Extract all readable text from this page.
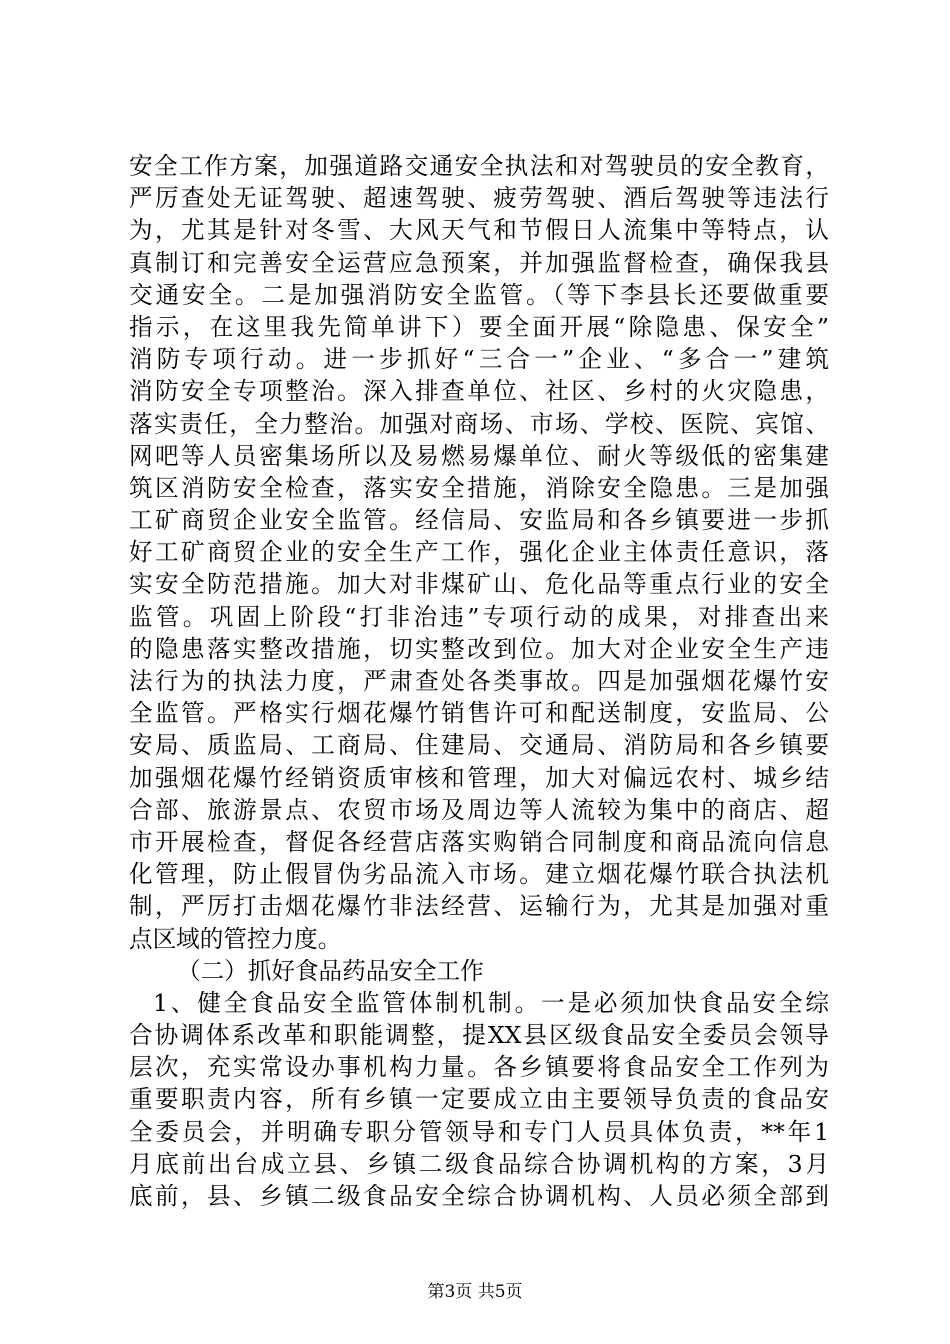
安全工作方案，加强道路交通安全执法和对驾驶员的安全教育，
严厉查处无证驾驶、超速驾驶、疲劳驾驶、酒后驾驶等违法行
为，尤其是针对冬雪、大风天气和节假日人流集中等特点，认
真制订和完善安全运营应急预案，并加强监督检查，确保我县
交通安全。二是加强消防安全监管。（等下李县长还要做重要
指示，在这里我先简单讲下）要全面开展“除隐患、保安全”
消防专项行动。进一步抓好“三合一”企业、“多合一”建筑
消防安全专项整治。深入排查单位、社区、乡村的火灾隐患，
落实责任，全力整治。加强对商场、市场、学校、医院、宾馆、
网吧等人员密集场所以及易燃易爆单位、耐火等级低的密集建
筑区消防安全检查，落实安全措施，消除安全隐患。三是加强
工矿商贸企业安全监管。经信局、安监局和各乡镇要进一步抓
好工矿商贸企业的安全生产工作，强化企业主体责任意识，落
实安全防范措施。加大对非煤矿山、危化品等重点行业的安全
监管。巩固上阶段“打非治违”专项行动的成果，对排查出来
的隐患落实整改措施，切实整改到位。加大对企业安全生产违
法行为的执法力度，严肃查处各类事故。四是加强烟花爆竹安
全监管。严格实行烟花爆竹销售许可和配送制度，安监局、公
安局、质监局、工商局、住建局、交通局、消防局和各乡镇要
加强烟花爆竹经销资质审核和管理，加大对偏远农村、城乡结
合部、旅游景点、农贸市场及周边等人流较为集中的商店、超
市开展检查，督促各经营店落实购销合同制度和商品流向信息
化管理，防止假冒伪劣品流入市场。建立烟花爆竹联合执法机
制，严厉打击烟花爆竹非法经营、运输行为，尤其是加强对重
点区域的管控力度。
（二）抓好食品药品安全工作
1、健全食品安全监管体制机制。一是必须加快食品安全综
合协调体系改革和职能调整，提XX县区级食品安全委员会领导
层次，充实常设办事机构力量。各乡镇要将食品安全工作列为
重要职责内容，所有乡镇一定要成立由主要领导负责的食品安
全委员会，并明确专职分管领导和专门人员具体负责，**年1
月底前出台成立县、乡镇二级食品综合协调机构的方案，3月
底前，县、乡镇二级食品安全综合协调机构、人员必须全部到
第3页 共5页
